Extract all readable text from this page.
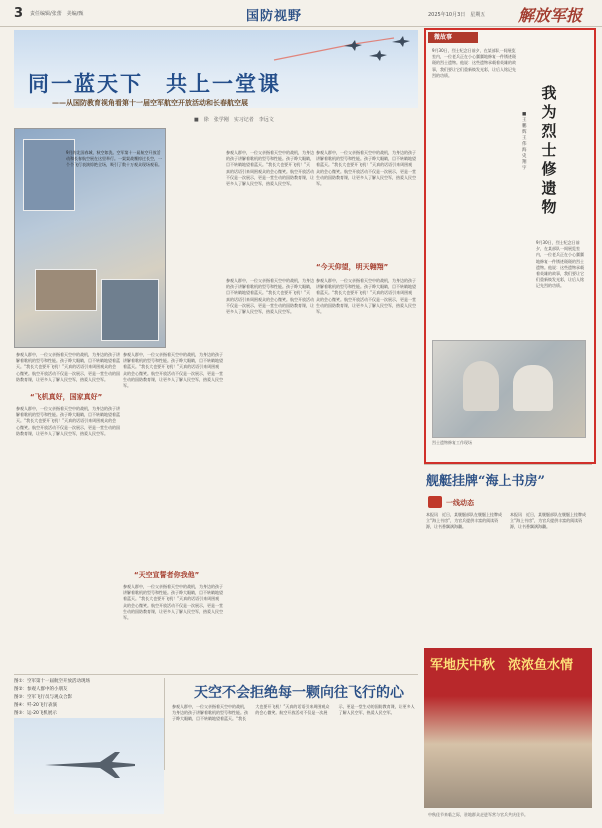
3 责任编辑/张蕾　美编/甄	国防视野	2025年10月3日　星期五 解放军报
同一蓝天下　共上一堂课
——从国防教育视角看第十一届空军航空开放活动和长春航空展
■　徐　张学刚　实习记者　李远文
9月的北国春城，秋空如洗。空军第十一届航空开放活动和长春航空展在这里举行。一架架战鹰掠过长空，一个个飞行表演惊艳全场，吸引了数十万观众现场观看。
参观人群中，一位父亲指着天空中的战机，为身边的孩子讲解着歌机的型号和性能。孩子睁大眼睛，目不转睛地望着蓝天。“我长大也要开飞机！”天真的话语引来周围观众的会心微笑。航空开放活动不仅是一次展示，更是一堂生动的国防教育课，让更多人了解人民空军，热爱人民空军。
“飞机真好，国家真好”
参观人群中，一位父亲指着天空中的战机，为身边的孩子讲解着歌机的型号和性能。孩子睁大眼睛，目不转睛地望着蓝天。“我长大也要开飞机！”天真的话语引来周围观众的会心微笑。航空开放活动不仅是一次展示，更是一堂生动的国防教育课，让更多人了解人民空军，热爱人民空军。
参观人群中，一位父亲指着天空中的战机，为身边的孩子讲解着歌机的型号和性能。孩子睁大眼睛，目不转睛地望着蓝天。“我长大也要开飞机！”天真的话语引来周围观众的会心微笑。航空开放活动不仅是一次展示，更是一堂生动的国防教育课，让更多人了解人民空军，热爱人民空军。
“天空宣誓者你我他”
参观人群中，一位父亲指着天空中的战机，为身边的孩子讲解着歌机的型号和性能。孩子睁大眼睛，目不转睛地望着蓝天。“我长大也要开飞机！”天真的话语引来周围观众的会心微笑。航空开放活动不仅是一次展示，更是一堂生动的国防教育课，让更多人了解人民空军，热爱人民空军。
参观人群中，一位父亲指着天空中的战机，为身边的孩子讲解着歌机的型号和性能。孩子睁大眼睛，目不转睛地望着蓝天。“我长大也要开飞机！”天真的话语引来周围观众的会心微笑。航空开放活动不仅是一次展示，更是一堂生动的国防教育课，让更多人了解人民空军，热爱人民空军。
“今天仰望，明天翱翔”
参观人群中，一位父亲指着天空中的战机，为身边的孩子讲解着歌机的型号和性能。孩子睁大眼睛，目不转睛地望着蓝天。“我长大也要开飞机！”天真的话语引来周围观众的会心微笑。航空开放活动不仅是一次展示，更是一堂生动的国防教育课，让更多人了解人民空军，热爱人民空军。
参观人群中，一位父亲指着天空中的战机，为身边的孩子讲解着歌机的型号和性能。孩子睁大眼睛，目不转睛地望着蓝天。“我长大也要开飞机！”天真的话语引来周围观众的会心微笑。航空开放活动不仅是一次展示，更是一堂生动的国防教育课，让更多人了解人民空军，热爱人民空军。
参观人群中，一位父亲指着天空中的战机，为身边的孩子讲解着歌机的型号和性能。孩子睁大眼睛，目不转睛地望着蓝天。“我长大也要开飞机！”天真的话语引来周围观众的会心微笑。航空开放活动不仅是一次展示，更是一堂生动的国防教育课，让更多人了解人民空军，热爱人民空军。
微故事
我为烈士修遗物
■王鹏辉　王伟海　史翔宇
9月30日，烈士纪念日前夕，在某部队一间展览室内，一位老兵正在小心翼翼地修复一件锈迹斑斑的烈士遗物。他说：这些遗物承载着英雄的故事，我们要让它们重新焕发光彩，让后人铭记先烈的功绩。
9月30日，烈士纪念日前夕，在某部队一间展览室内，一位老兵正在小心翼翼地修复一件锈迹斑斑的烈士遗物。他说：这些遗物承载着英雄的故事，我们要让它们重新焕发光彩，让后人铭记先烈的功绩。
烈士遗物修复工作现场
舰艇挂牌“海上书房”
一线动态
本报讯　近日，某舰艇部队在舰艇上挂牌成立“海上书房”，为官兵提供丰富的阅读资源，让书香飘满海疆。
本报讯　近日，某舰艇部队在舰艇上挂牌成立“海上书房”，为官兵提供丰富的阅读资源，让书香飘满海疆。
军地庆中秋　浓浓鱼水情
中秋佳节来临之际，驻地群众走进军营与官兵共庆佳节。
图①：空军第十一届航空开放活动现场
图②：参观人群中的小朋友
图③：空军飞行员与观众合影
图④：歼-20飞行表演
图⑤：运-20飞机展示
天空不会拒绝每一颗向往飞行的心
参观人群中，一位父亲指着天空中的战机，为身边的孩子讲解着歌机的型号和性能。孩子睁大眼睛，目不转睛地望着蓝天。“我长大也要开飞机！”天真的话语引来周围观众的会心微笑。航空开放活动不仅是一次展示，更是一堂生动的国防教育课，让更多人了解人民空军，热爱人民空军。
